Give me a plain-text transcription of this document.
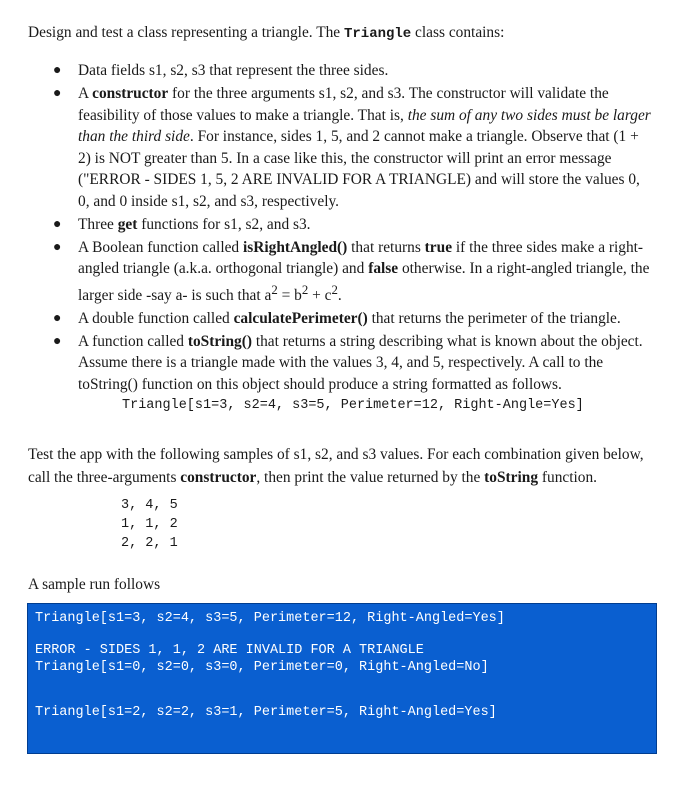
Design and test a class representing a triangle. The Triangle class contains:
● Data fields s1, s2, s3 that represent the three sides.
● A constructor for the three arguments s1, s2, and s3. The constructor will validate the feasibility of those values to make a triangle. That is, the sum of any two sides must be larger than the third side. For instance, sides 1, 5, and 2 cannot make a triangle. Observe that (1 + 2) is NOT greater than 5. In a case like this, the constructor will print an error message ("ERROR - SIDES 1, 5, 2 ARE INVALID FOR A TRIANGLE) and will store the values 0, 0, and 0 inside s1, s2, and s3, respectively.
● Three get functions for s1, s2, and s3.
● A Boolean function called isRightAngled() that returns true if the three sides make a right-angled triangle (a.k.a. orthogonal triangle) and false otherwise. In a right-angled triangle, the larger side -say a- is such that $a^2 = b^2 + c^2$.
● A double function called calculatePerimeter() that returns the perimeter of the triangle.
● A function called toString() that returns a string describing what is known about the object. Assume there is a triangle made with the values 3, 4, and 5, respectively. A call to the toString() function on this object should produce a string formatted as follows.
Triangle[s1=3, s2=4, s3=5, Perimeter=12, Right-Angle=Yes]
Test the app with the following samples of s1, s2, and s3 values. For each combination given below, call the three-arguments constructor, then print the value returned by the toString function.
3, 4, 5
1, 1, 2
2, 2, 1
A sample run follows
Triangle[s1=3, s2=4, s3=5, Perimeter=12, Right-Angled=Yes]
ERROR - SIDES 1, 1, 2 ARE INVALID FOR A TRIANGLE
Triangle[s1=0, s2=0, s3=0, Perimeter=0, Right-Angled=No]
Triangle[s1=2, s2=2, s3=1, Perimeter=5, Right-Angled=Yes]
